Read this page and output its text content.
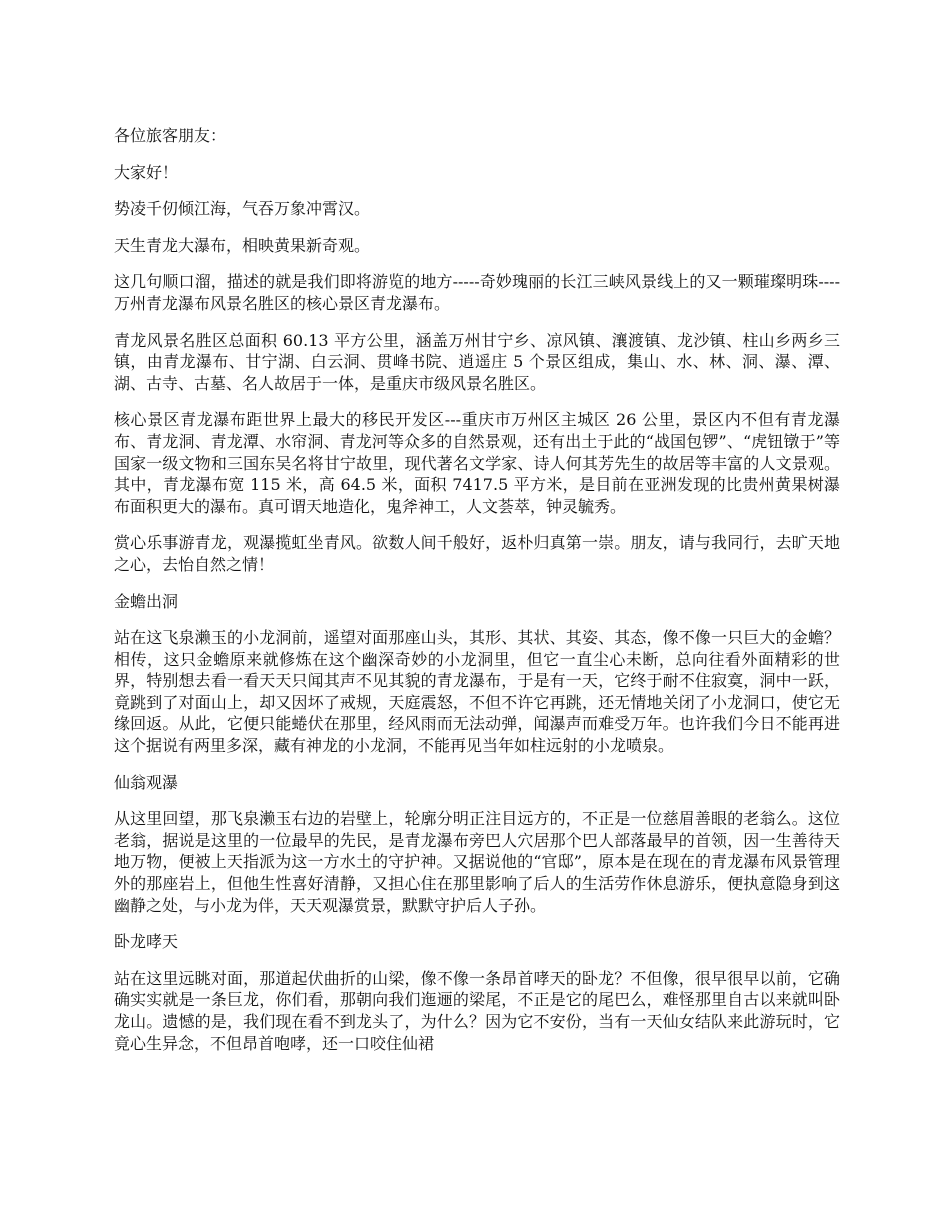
各位旅客朋友：

大家好！

势凌千仞倾江海，气吞万象冲霄汉。

天生青龙大瀑布，相映黄果新奇观。

这几句顺口溜，描述的就是我们即将游览的地方-----奇妙瑰丽的长江三峡风景线上的又一颗璀璨明珠----万州青龙瀑布风景名胜区的核心景区青龙瀑布。

青龙风景名胜区总面积 60.13 平方公里，涵盖万州甘宁乡、凉风镇、瀼渡镇、龙沙镇、柱山乡两乡三镇，由青龙瀑布、甘宁湖、白云洞、贯峰书院、逍遥庄 5 个景区组成，集山、水、林、洞、瀑、潭、湖、古寺、古墓、名人故居于一体，是重庆市级风景名胜区。

核心景区青龙瀑布距世界上最大的移民开发区---重庆市万州区主城区 26 公里，景区内不但有青龙瀑布、青龙洞、青龙潭、水帘洞、青龙河等众多的自然景观，还有出土于此的“战国包锣”、“虎钮镦于”等国家一级文物和三国东吴名将甘宁故里，现代著名文学家、诗人何其芳先生的故居等丰富的人文景观。其中，青龙瀑布宽 115 米，高 64.5 米，面积 7417.5 平方米，是目前在亚洲发现的比贵州黄果树瀑布面积更大的瀑布。真可谓天地造化，鬼斧神工，人文荟萃，钟灵毓秀。

赏心乐事游青龙，观瀑揽虹坐青风。欲数人间千般好，返朴归真第一崇。朋友，请与我同行，去旷天地之心，去怡自然之情！

金蟾出洞

站在这飞泉濑玉的小龙洞前，遥望对面那座山头，其形、其状、其姿、其态，像不像一只巨大的金蟾？相传，这只金蟾原来就修炼在这个幽深奇妙的小龙洞里，但它一直尘心未断，总向往看外面精彩的世界，特别想去看一看天天只闻其声不见其貌的青龙瀑布，于是有一天，它终于耐不住寂寞，洞中一跃，竟跳到了对面山上，却又因坏了戒规，天庭震怒，不但不许它再跳，还无情地关闭了小龙洞口，使它无缘回返。从此，它便只能蜷伏在那里，经风雨而无法动弹，闻瀑声而难受万年。也许我们今日不能再进这个据说有两里多深，藏有神龙的小龙洞，不能再见当年如柱远射的小龙喷泉。

仙翁观瀑

从这里回望，那飞泉濑玉右边的岩壁上，轮廓分明正注目远方的，不正是一位慈眉善眼的老翁么。这位老翁，据说是这里的一位最早的先民，是青龙瀑布旁巴人穴居那个巴人部落最早的首领，因一生善待天地万物，便被上天指派为这一方水土的守护神。又据说他的“官邸”，原本是在现在的青龙瀑布风景管理外的那座岩上，但他生性喜好清静，又担心住在那里影响了后人的生活劳作休息游乐，便执意隐身到这幽静之处，与小龙为伴，天天观瀑赏景，默默守护后人子孙。

卧龙哮天

站在这里远眺对面，那道起伏曲折的山梁，像不像一条昂首哮天的卧龙？不但像，很早很早以前，它确确实实就是一条巨龙，你们看，那朝向我们迤逦的梁尾，不正是它的尾巴么，难怪那里自古以来就叫卧龙山。遗憾的是，我们现在看不到龙头了，为什么？因为它不安份，当有一天仙女结队来此游玩时，它竟心生异念，不但昂首咆哮，还一口咬住仙裙
